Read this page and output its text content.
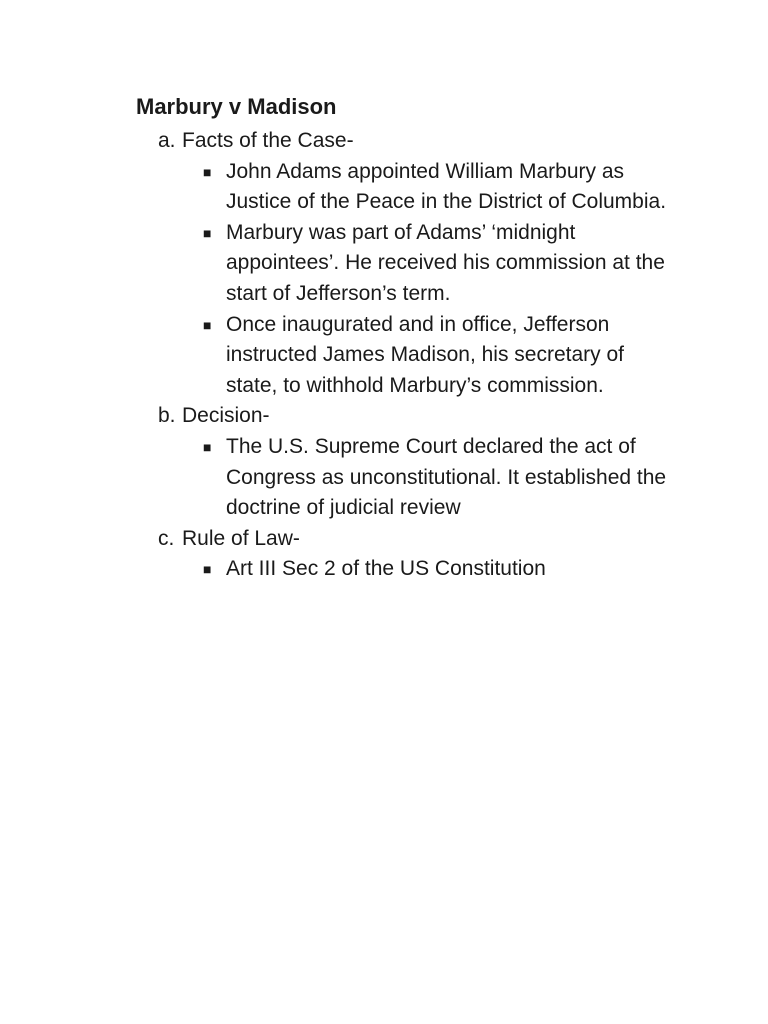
Marbury v Madison
a. Facts of the Case-
■ John Adams appointed William Marbury as Justice of the Peace in the District of Columbia.
■ Marbury was part of Adams’ ‘midnight appointees’. He received his commission at the start of Jefferson’s term.
■ Once inaugurated and in office, Jefferson instructed James Madison, his secretary of state, to withhold Marbury’s commission.
b. Decision-
■ The U.S. Supreme Court declared the act of Congress as unconstitutional. It established the doctrine of judicial review
c. Rule of Law-
■ Art III Sec 2 of the US Constitution
